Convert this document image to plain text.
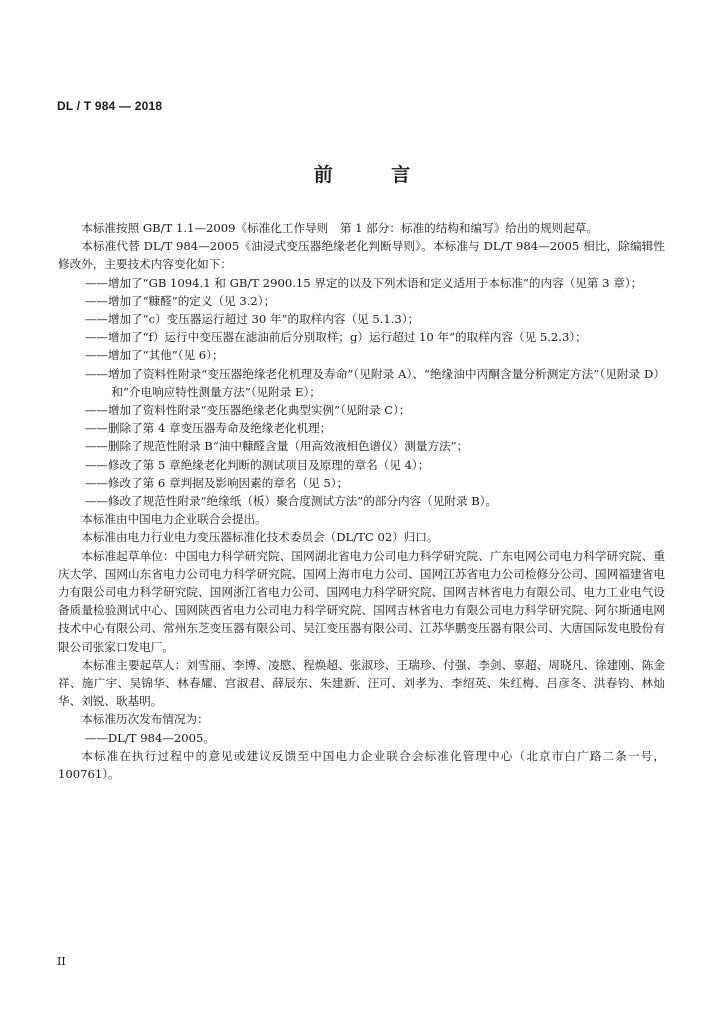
DL / T 984 — 2018
前 言

本标准按照 GB/T 1.1—2009《标准化工作导则　第 1 部分：标准的结构和编写》给出的规则起草。

本标准代替 DL/T 984—2005《油浸式变压器绝缘老化判断导则》。本标准与 DL/T 984—2005 相比，除编辑性修改外，主要技术内容变化如下：

——增加了“GB 1094.1 和 GB/T 2900.15 界定的以及下列术语和定义适用于本标准”的内容（见第 3 章）；

——增加了“糠醛”的定义（见 3.2）；

——增加了“c）变压器运行超过 30 年”的取样内容（见 5.1.3）；

——增加了“f）运行中变压器在滤油前后分别取样；g）运行超过 10 年”的取样内容（见 5.2.3）；

——增加了“其他”（见 6）；

——增加了资料性附录“变压器绝缘老化机理及寿命”（见附录 A）、“绝缘油中丙酮含量分析测定方法”（见附录 D）和“介电响应特性测量方法”（见附录 E）；

——增加了资料性附录“变压器绝缘老化典型实例”（见附录 C）；

——删除了第 4 章变压器寿命及绝缘老化机理；

——删除了规范性附录 B“油中糠醛含量（用高效液相色谱仪）测量方法”；

——修改了第 5 章绝缘老化判断的测试项目及原理的章名（见 4）；

——修改了第 6 章判据及影响因素的章名（见 5）；

——修改了规范性附录“绝缘纸（板）聚合度测试方法”的部分内容（见附录 B）。

本标准由中国电力企业联合会提出。

本标准由电力行业电力变压器标准化技术委员会（DL/TC 02）归口。

本标准起草单位：中国电力科学研究院、国网湖北省电力公司电力科学研究院、广东电网公司电力科学研究院、重庆大学、国网山东省电力公司电力科学研究院、国网上海市电力公司、国网江苏省电力公司检修分公司、国网福建省电力有限公司电力科学研究院、国网浙江省电力公司、国网电力科学研究院、国网吉林省电力有限公司、电力工业电气设备质量检验测试中心、国网陕西省电力公司电力科学研究院、国网吉林省电力有限公司电力科学研究院、阿尔斯通电网技术中心有限公司、常州东芝变压器有限公司、吴江变压器有限公司、江苏华鹏变压器有限公司、大唐国际发电股份有限公司张家口发电厂。

本标准主要起草人：刘雪丽、李博、凌愍、程焕超、张淑珍、王瑞珍、付强、李剑、辜超、周晓凡、徐建刚、陈金祥、施广宇、吴锦华、林春耀、宫淑君、薛辰东、朱建新、汪可、刘孝为、李绍英、朱红梅、吕彦冬、洪春钧、林灿华、刘锐、耿基明。

本标准历次发布情况为：

——DL/T 984—2005。

本标准在执行过程中的意见或建议反馈至中国电力企业联合会标准化管理中心（北京市白广路二条一号，100761）。

II
